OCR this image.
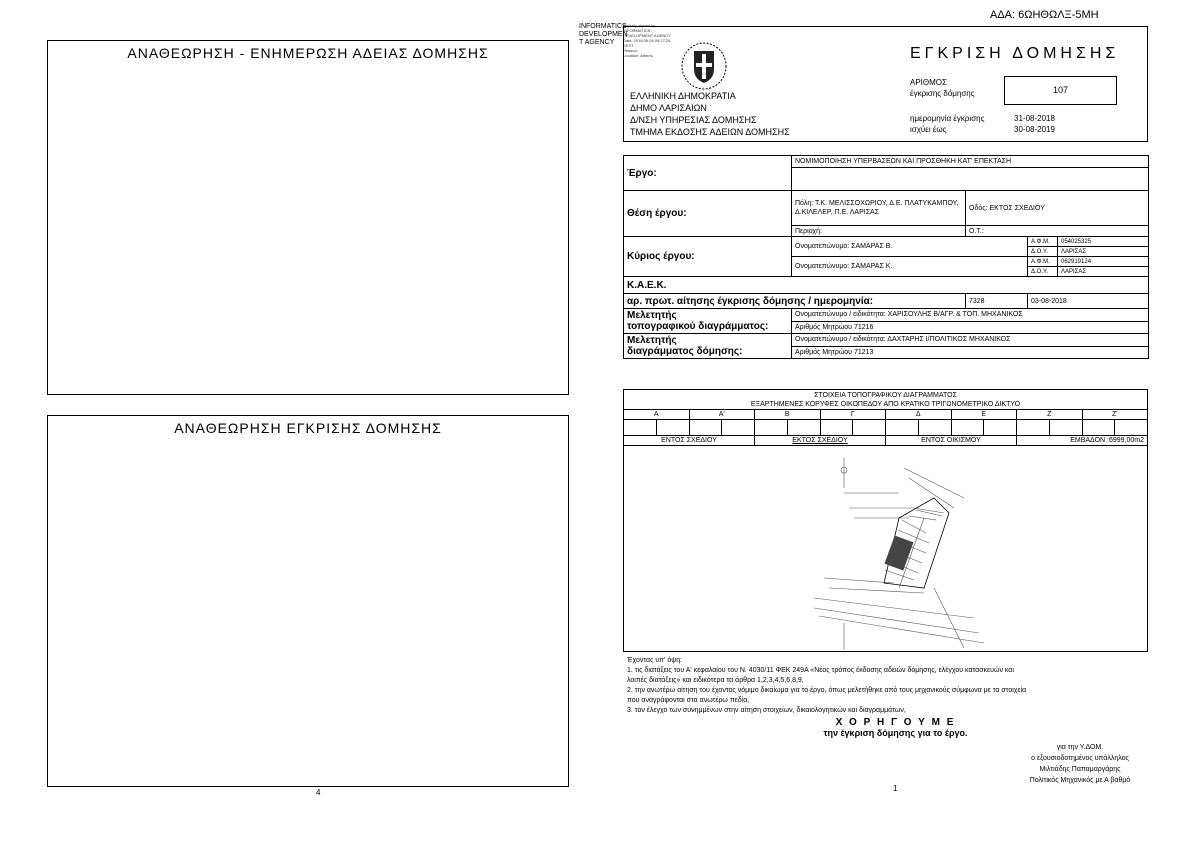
ΑΔΑ: 6ΩΗΘΩΛΞ-5ΜΗ
ΑΝΑΘΕΩΡΗΣΗ - ΕΝΗΜΕΡΩΣΗ ΑΔΕΙΑΣ ΔΟΜΗΣΗΣ
ΑΝΑΘΕΩΡΗΣΗ ΕΓΚΡΙΣΗΣ ΔΟΜΗΣΗΣ
4
INFORMATICS
DEVELOPMEN
T AGENCY
Digitally signed by
INFORMATICS
DEVELOPMENT AGENCY
Date: 2018.09.04 09:27:25
EEST
Reason:
Location: Athens
ΕΛΛΗΝΙΚΗ ΔΗΜΟΚΡΑΤΙΑ
ΔΗΜΟ ΛΑΡΙΣΑΙΩΝ
Δ/ΝΣΗ ΥΠΗΡΕΣΙΑΣ ΔΟΜΗΣΗΣ
ΤΜΗΜΑ ΕΚΔΟΣΗΣ ΑΔΕΙΩΝ ΔΟΜΗΣΗΣ
ΕΓΚΡΙΣΗ ΔΟΜΗΣΗΣ
ΑΡΙΘΜΟΣ
έγκρισης δόμησης	107
ημερομηνία έγκρισης
ισχύει έως
31-08-2018
30-08-2019
Έργο:	ΝΟΜΙΜΟΠΟΙΗΣΗ ΥΠΕΡΒΑΣΕΩΝ ΚΑΙ ΠΡΟΣΘΗΚΗ ΚΑΤ' ΕΠΕΚΤΑΣΗ			

Θέση έργου:	Πόλη: Τ.Κ. ΜΕΛΙΣΣΟΧΩΡΙΟΥ, Δ.Ε. ΠΛΑΤΥΚΑΜΠΟΥ, Δ.ΚΙΛΕΛΕΡ, Π.Ε. ΛΑΡΙΣΑΣ	Οδός: ΕΚΤΟΣ ΣΧΕΔΙΟΥ		
	Περιοχή:	Ο.Τ.:		
Κύριος έργου:	Ονοματεπώνυμο: ΣΑΜΑΡΑΣ Β.		Α.Φ.Μ.	054025325
			Δ.Ο.Υ.	ΛΑΡΙΣΑΣ
	Ονοματεπώνυμο: ΣΑΜΑΡΑΣ Κ.		Α.Φ.Μ.	062919124
			Δ.Ο.Υ.	ΛΑΡΙΣΑΣ
Κ.Α.Ε.Κ.				
αρ. πρωτ. αίτησης έγκρισης δόμησης / ημερομηνία:		7328	03-08-2018	
Μελετητής
τοπογραφικού διαγράμματος:	Ονοματεπώνυμο / ειδικότητα: ΧΑΡΙΣΟΥΛΗΣ Β/ΑΓΡ. & ΤΟΠ. ΜΗΧΑΝΙΚΟΣ			
	Αριθμός Μητρώου 71216			
Μελετητής
διαγράμματος δόμησης:	Ονοματεπώνυμο / ειδικότητα: ΔΑΧΤΑΡΗΣ Ι/ΠΟΛΙΤΙΚΟΣ ΜΗΧΑΝΙΚΟΣ			
	Αριθμός Μητρώου 71213			
ΣΤΟΙΧΕΙΑ ΤΟΠΟΓΡΑΦΙΚΟΥ ΔΙΑΓΡΑΜΜΑΤΟΣ
ΕΞΑΡΤΗΜΕΝΕΣ ΚΟΡΥΦΕΣ ΟΙΚΟΠΕΔΟΥ ΑΠΟ ΚΡΑΤΙΚΟ ΤΡΙΓΩΝΟΜΕΤΡΙΚΟ ΔΙΚΤΥΟ
Α		Α'		Β		Γ		Δ		Ε		Ζ		Ζ'	

ΕΝΤΟΣ ΣΧΕΔΙΟΥ				ΕΚΤΟΣ ΣΧΕΔΙΟΥ				ΕΝΤΟΣ ΟΙΚΙΣΜΟΥ				ΕΜΒΑΔΟΝ :6999,00m2			
Έχοντας υπ' όψη:
1. τις διατάξεις του Α' κεφαλαίου του Ν. 4030/11 ΦΕΚ 249Α «Νέος τρόπος έκδοσης αδειών δόμησης, ελέγχου κατασκευών και
λοιπές διατάξεις» και ειδικότερα τα άρθρα 1,2,3,4,5,6,8,9,
2. την ανωτέρω αίτηση του έχοντος νόμιμο δικαίωμα για το έργο, όπως μελετήθηκε από τους μηχανικούς σύμφωνα με τα στοιχεία
που αναγράφονται στα ανωτέρω πεδία,
3. τον έλεγχο των συνημμένων στην αίτηση στοιχείων, δικαιολογητικών και διαγραμμάτων,
Χ Ο Ρ Η Γ Ο Υ Μ Ε
την έγκριση δόμησης για το έργο.
για την Υ.ΔΟΜ.
ο εξουσιοδοτημένος υπάλληλος
Μιλτιάδης Παπαμαργάρης
Πολιτικός Μηχανικός με Α βαθμό
1
